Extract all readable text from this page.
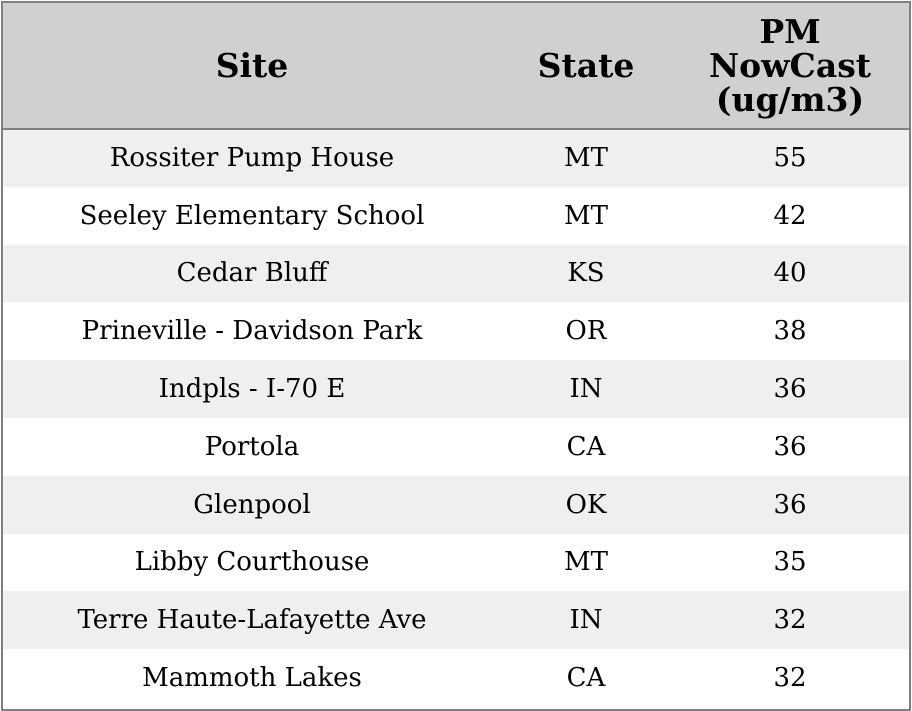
Site	State	PM
NowCast
(ug/m3)

Rossiter Pump House	MT	55
Seeley Elementary School	MT	42
Cedar Bluff	KS	40
Prineville - Davidson Park	OR	38
Indpls - I-70 E	IN	36
Portola	CA	36
Glenpool	OK	36
Libby Courthouse	MT	35
Terre Haute-Lafayette Ave	IN	32
Mammoth Lakes	CA	32
